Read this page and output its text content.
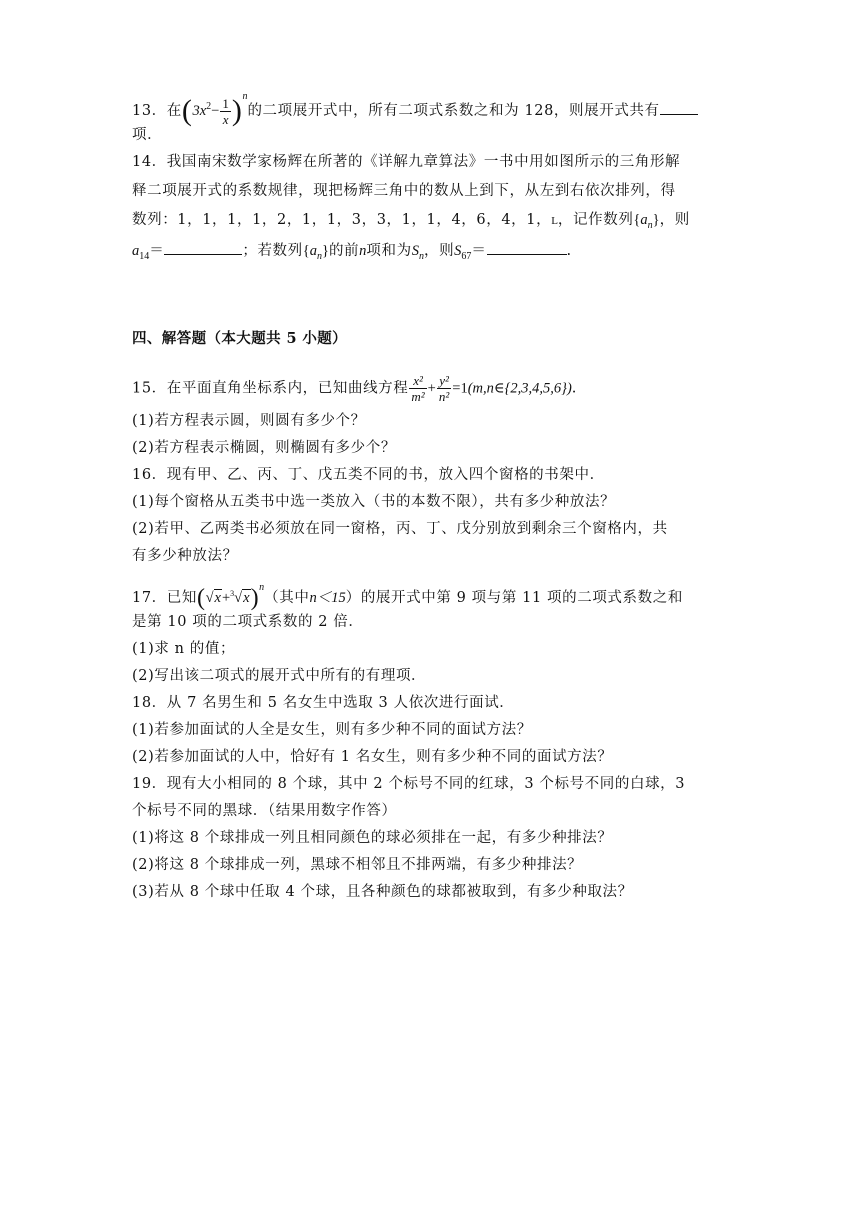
13．在$(3x^2- \frac{1}{x} )^n$的二项展开式中，所有二项式系数之和为 128，则展开式共有
项．
14．我国南宋数学家杨辉在所著的《详解九章算法》一书中用如图所示的三角形解
释二项展开式的系数规律，现把杨辉三角中的数从上到下，从左到右依次排列，得
数列：1，1，1，1，2，1，1，3，3，1，1，4，6，4，1，L，记作数列$\{a_n\}$，则
$a_{14}=$	；若数列$\{a_n\}$的前n项和为$S_n$，则$S_{67}=$	.
四、解答题（本大题共 5 小题）
15．在平面直角坐标系内，已知曲线方程 $\frac{\text{x²}}{\text{m²}} + \frac{\text{y²}}{\text{n²}}$ =1(m,n∈{2,3,4,5,6}).
(1)若方程表示圆，则圆有多少个？
(2)若方程表示椭圆，则椭圆有多少个？
16．现有甲、乙、丙、丁、戊五类不同的书，放入四个窗格的书架中．
(1)每个窗格从五类书中选一类放入（书的本数不限），共有多少种放法？
(2)若甲、乙两类书必须放在同一窗格，丙、丁、戊分别放到剩余三个窗格内，共
有多少种放法？
17．已知$(√x+^3√x)^n$（其中n＜15）的展开式中第 9 项与第 11 项的二项式系数之和
是第 10 项的二项式系数的 2 倍．
(1)求 n 的值；
(2)写出该二项式的展开式中所有的有理项．
18．从 7 名男生和 5 名女生中选取 3 人依次进行面试．
(1)若参加面试的人全是女生，则有多少种不同的面试方法？
(2)若参加面试的人中，恰好有 1 名女生，则有多少种不同的面试方法？
19．现有大小相同的 8 个球，其中 2 个标号不同的红球，3 个标号不同的白球，3
个标号不同的黑球．（结果用数字作答）
(1)将这 8 个球排成一列且相同颜色的球必须排在一起，有多少种排法？
(2)将这 8 个球排成一列，黑球不相邻且不排两端，有多少种排法？
(3)若从 8 个球中任取 4 个球，且各种颜色的球都被取到，有多少种取法？
